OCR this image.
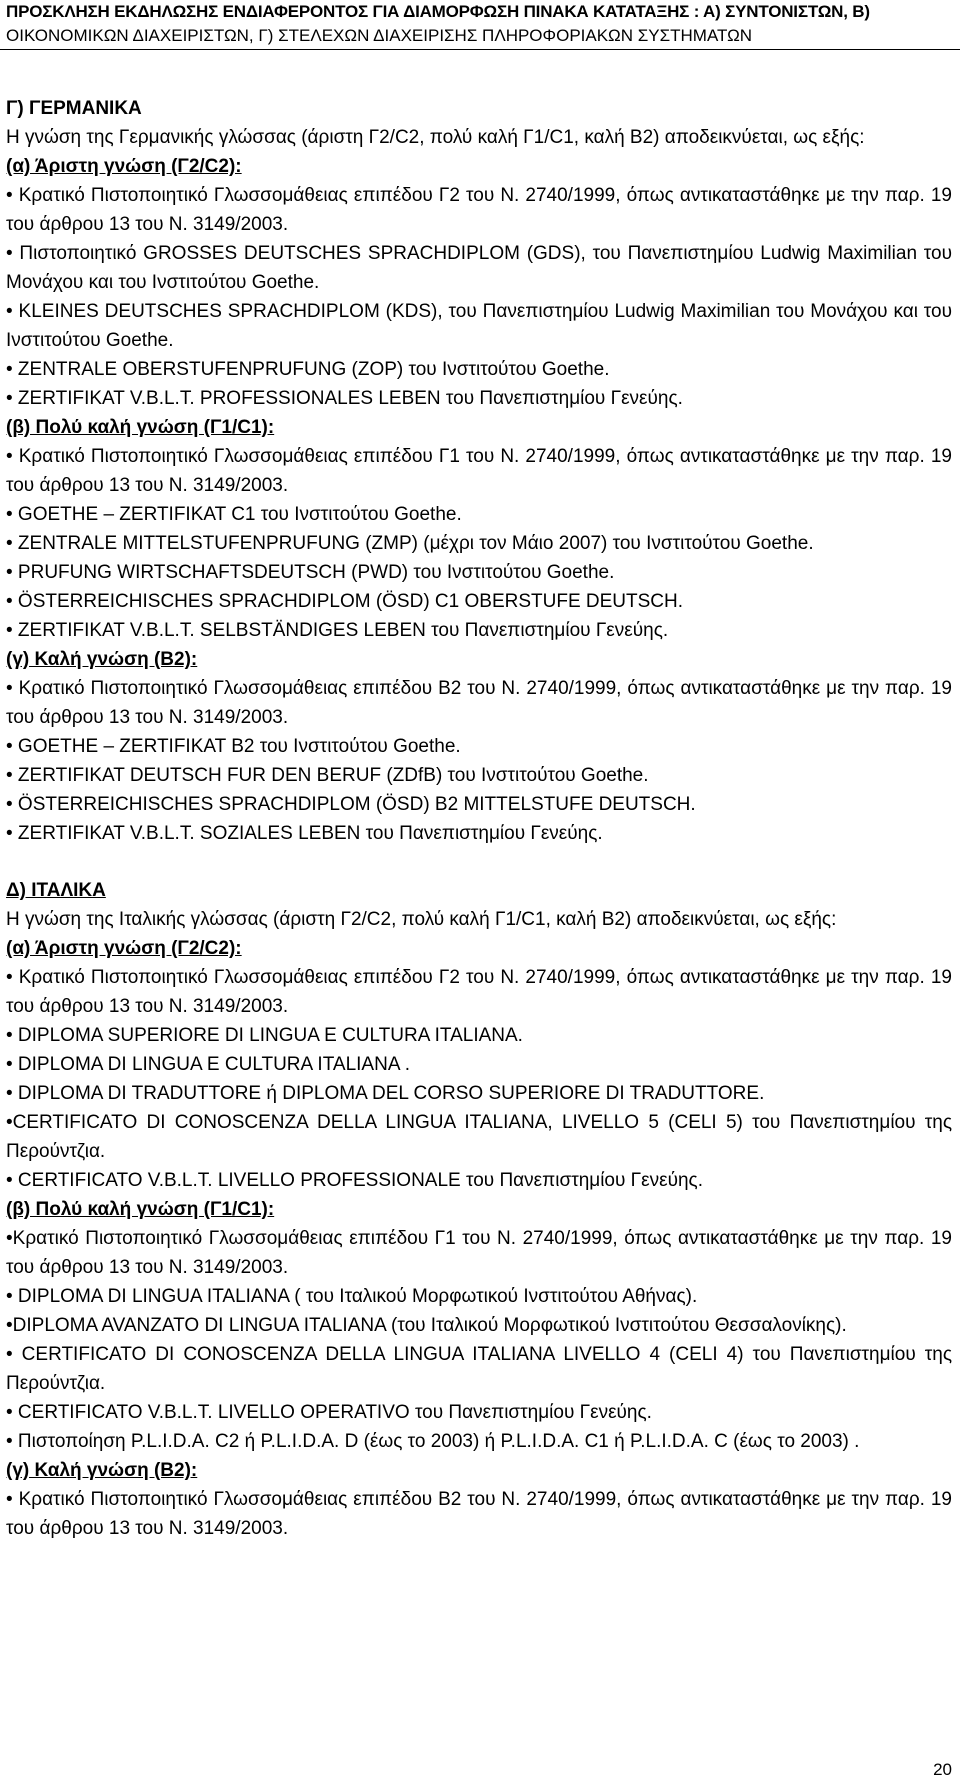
ΠΡΟΣΚΛΗΣΗ ΕΚΔΗΛΩΣΗΣ ΕΝΔΙΑΦΕΡΟΝΤΟΣ ΓΙΑ ΔΙΑΜΟΡΦΩΣΗ ΠΙΝΑΚΑ ΚΑΤΑΤΑΞΗΣ : Α) ΣΥΝΤΟΝΙΣΤΩΝ, Β)
ΟΙΚΟΝΟΜΙΚΩΝ ΔΙΑΧΕΙΡΙΣΤΩΝ, Γ) ΣΤΕΛΕΧΩΝ ΔΙΑΧΕΙΡΙΣΗΣ ΠΛΗΡΟΦΟΡΙΑΚΩΝ ΣΥΣΤΗΜΑΤΩΝ

Γ) ΓΕΡΜΑΝΙΚΑ

Η γνώση της Γερμανικής γλώσσας (άριστη Γ2/C2, πολύ καλή Γ1/C1, καλή Β2) αποδεικνύεται, ως εξής:

(α) Άριστη γνώση (Γ2/C2):

• Κρατικό Πιστοποιητικό Γλωσσομάθειας επιπέδου Γ2 του Ν. 2740/1999, όπως αντικαταστάθηκε με την παρ. 19 του άρθρου 13 του Ν. 3149/2003.

• Πιστοποιητικό GROSSES DEUTSCHES SPRACHDIPLOM (GDS), του Πανεπιστημίου Ludwig Maximilian του Μονάχου και του Ινστιτούτου Goethe.

• KLEINES DEUTSCHES SPRACHDIPLOM (KDS), του Πανεπιστημίου Ludwig Maximilian του Μονάχου και του Ινστιτούτου Goethe.

• ZENTRALE OBERSTUFENPRUFUNG (ZOP) του Ινστιτούτου Goethe.

• ZERTIFIKAT V.B.L.T. PROFESSIONALES LEBEN του Πανεπιστημίου Γενεύης.

(β) Πολύ καλή γνώση (Γ1/C1):

• Κρατικό Πιστοποιητικό Γλωσσομάθειας επιπέδου Γ1 του Ν. 2740/1999, όπως αντικαταστάθηκε με την παρ. 19 του άρθρου 13 του Ν. 3149/2003.

• GOETHE – ZERTIFIKAT C1 του Ινστιτούτου Goethe.

• ZENTRALE MITTELSTUFENPRUFUNG (ZMP) (μέχρι τον Μάιο 2007) του Ινστιτούτου Goethe.

• PRUFUNG WIRTSCHAFTSDEUTSCH (PWD) του Ινστιτούτου Goethe.

• ÖSTERREICHISCHES SPRACHDIPLOM (ÖSD) C1 OBERSTUFE DEUTSCH.

• ZERTIFIKAT V.B.L.T. SELBSTÄNDIGES LEBEN του Πανεπιστημίου Γενεύης.

(γ) Καλή γνώση (Β2):

• Κρατικό Πιστοποιητικό Γλωσσομάθειας επιπέδου Β2 του Ν. 2740/1999, όπως αντικαταστάθηκε με την παρ. 19 του άρθρου 13 του Ν. 3149/2003.

• GOETHE – ZERTIFIKAT B2 του Ινστιτούτου Goethe.

• ZERTIFIKAT DEUTSCH FUR DEN BERUF (ZDfB) του Ινστιτούτου Goethe.

• ÖSTERREICHISCHES SPRACHDIPLOM (ÖSD) B2 MITTELSTUFE DEUTSCH.

• ZERTIFIKAT V.B.L.T. SOZIALES LEBEN του Πανεπιστημίου Γενεύης.

Δ) ΙΤΑΛΙΚΑ

Η γνώση της Ιταλικής γλώσσας (άριστη Γ2/C2, πολύ καλή Γ1/C1, καλή Β2) αποδεικνύεται, ως εξής:

(α) Άριστη γνώση (Γ2/C2):

• Κρατικό Πιστοποιητικό Γλωσσομάθειας επιπέδου Γ2 του Ν. 2740/1999, όπως αντικαταστάθηκε με την παρ. 19 του άρθρου 13 του Ν. 3149/2003.

• DIPLOMA SUPERIORE DI LINGUA E CULTURA ITALIANA.

• DIPLOMA DI LINGUA E CULTURA ITALIANA .

• DIPLOMA DI TRADUTTORE ή DIPLOMA DEL CORSO SUPERIORE DI TRADUTTORE.

•CERTIFICATO DI CONOSCENZA DELLA LINGUA ITALIANA, LIVELLO 5 (CELI 5) του Πανεπιστημίου της Περούντζια.

• CERTIFICATO V.B.L.T. LIVELLO PROFESSIONALE του Πανεπιστημίου Γενεύης.

(β) Πολύ καλή γνώση (Γ1/C1):

•Κρατικό Πιστοποιητικό Γλωσσομάθειας επιπέδου Γ1 του Ν. 2740/1999, όπως αντικαταστάθηκε με την παρ. 19 του άρθρου 13 του Ν. 3149/2003.

• DIPLOMA DI LINGUA ITALIANA ( του Ιταλικού Μορφωτικού Ινστιτούτου Αθήνας).

•DIPLOMA AVANZATO DI LINGUA ITALIANA (του Ιταλικού Μορφωτικού Ινστιτούτου Θεσσαλονίκης).

• CERTIFICATO DI CONOSCENZA DELLA LINGUA ITALIANA LIVELLO 4 (CELI 4) του Πανεπιστημίου της Περούντζια.

• CERTIFICATO V.B.L.T. LIVELLO OPERATIVO του Πανεπιστημίου Γενεύης.

• Πιστοποίηση P.L.I.D.A. C2 ή P.L.I.D.A. D (έως το 2003) ή P.L.I.D.A. C1 ή P.L.I.D.A. C (έως το 2003) .

(γ) Καλή γνώση (Β2):

• Κρατικό Πιστοποιητικό Γλωσσομάθειας επιπέδου Β2 του Ν. 2740/1999, όπως αντικαταστάθηκε με την παρ. 19 του άρθρου 13 του Ν. 3149/2003.

20
